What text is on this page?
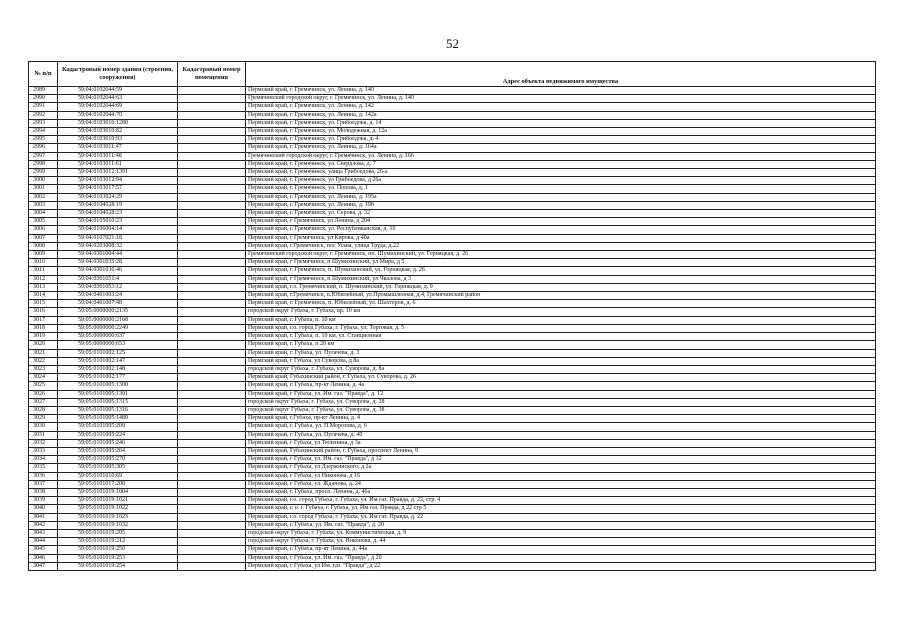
52
№ п/п	Кадастровый номер здания (строения, сооружения)	Кадастровый номер помещения	
			Адрес объекта недвижимого имущества
2989	59:04:0102044:59		Пермский край, г. Гремячинск, ул. Ленина, д. 140
2990	59:04:0102044:63		Гремячинский городской округ, г. Гремячинск, ул. Ленина, д. 140
2991	59:04:0102044:69		Пермский край, г. Гремячинск, ул. Ленина, д. 142
2992	59:04:0102044:70		Пермский край, г. Гремячинск, ул. Ленина, д. 142а
2993	59:04:0103010:1280		Пермский край, г. Гремячинск, ул. Грибоедова, д. 14
2994	59:04:0103010:82		Пермский край, г. Гремячинск, ул. Молодежная, д. 12а
2995	59:04:0103010:93		Пермский край, г. Гремячинск, ул. Грибоедова, д. 4
2996	59:04:0103011:47		Пермский край, г. Гремячинск, ул. Ленина, д. 164а
2997	59:04:0103011:48		Гремячинский городской округ, г. Гремячинск, ул. Ленина, д. 166
2998	59:04:0103011:61		Пермский край, г. Гремячинск, ул. Свердлова, д. 7
2999	59:04:0103012:1391		Пермский край, г. Гремячинск, улица Грибоедова, 26-а
3000	59:04:0103012:94		Пермский край, г. Гремячинск, ул Грибоедова, д 26а
3001	59:04:0103017:57		Пермский край, г. Гремячинск, ул. Попова, д. 1
3002	59:04:0103024:29		Пермский край, г. Гремячинск, ул. Ленина, д. 195а
3003	59:04:0104028:19		Пермский край, г. Гремячинск, ул. Ленина, д. 198
3004	59:04:0104028:23		Пермский край, г. Гремячинск, ул. Серова, д. 32
3005	59:04:0105010:23		Пермский край, г Гремячинск, ул Ленина, д 204
3006	59:04:0106004:14		Пермский край, г. Гремячинск, ул. Республиканская, д. 16
3007	59:04:0107021:18		Пермский край, г Гремячинск, ул Кирова, д 40а
3008	59:04:0203008:32		Пермский край, г.Гремячинск, пос Усьва, улица Труда, д.22
3009	59:04:0301004:44		Гремячинский городской округ, г. Гремячинск, пп. Шумихинский, ул. Горняцкая, д. 26
3010	59:04:0301035:28		Пермский край, г Гремячинск, п Шумихинский, ул Мира, д 5
3011	59:04:0301036:46		Пермский край, г. Гремячинск, п. Шумихинский, ул. Горняцкая, д. 26
3012	59:04:0301051:4		Пермский край, г Гремячинск, п Шумихинский, ул Чкалова, д 3
3013	59:04:0301053:12		Пермский край, г.о. Гремячинский, п. Шумихинский, ул. Горняцкая, д. 9
3014	59:04:0401003:24		Пермский край, г.Гремячинск, п.Юбилейный, ул.Промышленная, д.4, Гремячинский район
3015	59:04:0401007:48		Пермский край, г. Гремячинск, п. Юбилейный, ул. Шахтеров, д. 6
3016	59:05:0000000:2135		городской округ Губаха, г. Губаха, пр. 10 км
3017	59:05:0000000:2168		Пермский край, г. Губаха, п. 10 км
3018	59:05:0000000:2249		Пермский край, г.о. город Губаха, г. Губаха, ул. Торговая, д. 5
3019	59:05:0000000:637		Пермский край, г. Губаха, п. 10 км, ул. Станционная
3020	59:05:0000000:653		Пермский край, г. Губаха, п 20 км
3021	59:05:0101002:125		Пермский край, г. Губаха, ул. Пугачева, д. 3
3022	59:05:0101002:147		Пермский край, г Губаха, ул Суворова, д 8а
3023	59:05:0101002:148		городской округ Губаха, г. Губаха, ул. Суворова, д. 8а
3024	59:05:0101002:177		Пермский край, Губахинский район, г. Губаха, ул. Суворова, д. 26
3025	59:05:0101005:1300		Пермский край, г. Губаха, пр-кт Ленина, д. 4а
3026	59:05:0101005:1301		Пермский край, г Губаха, ул. Им. газ. "Правда", д. 12
3027	59:05:0101005:1315		городской округ Губаха, г. Губаха, ул. Суворова, д. 28
3028	59:05:0101005:1316		городской округ Губаха, г. Губаха, ул. Суворова, д. 38
3029	59:05:0101005:1480		Пермский край, г.Губаха, пр-кт Ленина, д. 4
3030	59:05:0101005:209		Пермский край, г. Губаха, ул. П.Морозова, д. 6
3031	59:05:0101005:224		Пермский край, г. Губаха, ул. Пугачева, д. 40
3032	59:05:0101005:246		Пермский край, г Губаха, ул Тюленина, д 3а
3033	59:05:0101005:264		Пермский край, Губахинский район, г. Губаха, проспект Ленина, 9
3034	59:05:0101005:270		Пермский край, г Губаха, ул. Им. газ. "Правда", д 12
3035	59:05:0101005:305		Пермский край, г Губаха, ул Дзержинского, д 2а
3036	59:05:0101010:69		Пермский край, г Губаха, ул Никонова, д 16
3037	59:05:0101017:208		Пермский край, г Губаха, ул. Жданова, д. 24
3038	59:05:0101019:1004		Пермский край, г. Губаха, просп. Ленина, д. 46а
3039	59:05:0101019:1021		Пермский край, г.о. город Губаха, г. Губаха, ул. Им газ. Правда, д. 22, стр. 4
3040	59:05:0101019:1022		Пермский край, г. о. г. Губаха, г. Губаха, ул. Им газ. Правда, д 22 стр 5
3041	59:05:0101019:1023		Пермский край, г.о. город Губаха, г. Губаха, ул. Им газ. Правда, д. 22
3042	59:05:0101019:1032		Пермский край, г. Губаха, ул. Им. газ. "Правда", д. 20
3043	59:05:0101019:205		городской округ Губаха, г. Губаха, ул. Коммунистическая, д. 9
3044	59:05:0101019:212		городской округ Губаха, г. Губаха, ул. Никонова, д. 44
3045	59:05:0101019:250		Пермский край, г. Губаха, пр-кт Ленина, д. 44а
3046	59:05:0101019:253		Пермский край, г Губаха, ул. Им. газ. "Правда", д 20
3047	59:05:0101019:254		Пермский край, г Губаха, ул Им. газ. "Правда", д 22
